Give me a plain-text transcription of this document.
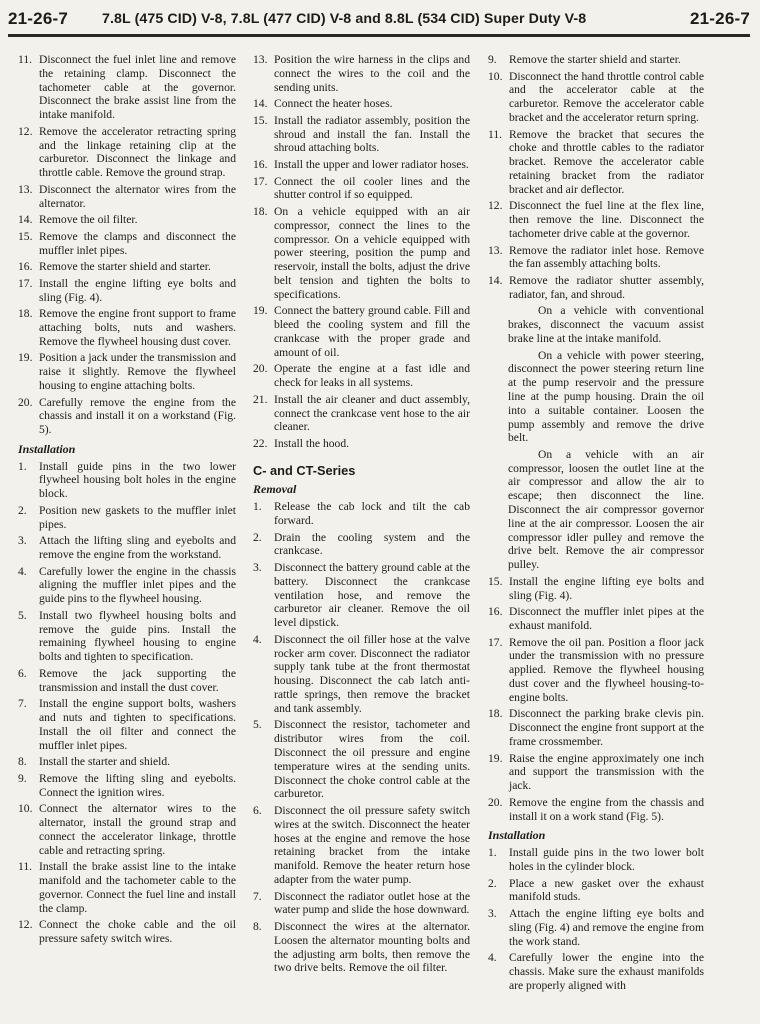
21-26-7 7.8L (475 CID) V-8, 7.8L (477 CID) V-8 and 8.8L (534 CID) Super Duty V-8	21-26-7
11. Disconnect the fuel inlet line and remove the retaining clamp. Disconnect the tachometer cable at the governor. Disconnect the brake assist line from the intake manifold.
12. Remove the accelerator retracting spring and the linkage retaining clip at the carburetor. Disconnect the linkage and throttle cable. Remove the ground strap.
13. Disconnect the alternator wires from the alternator.
14. Remove the oil filter.
15. Remove the clamps and disconnect the muffler inlet pipes.
16. Remove the starter shield and starter.
17. Install the engine lifting eye bolts and sling (Fig. 4).
18. Remove the engine front support to frame attaching bolts, nuts and washers. Remove the flywheel housing dust cover.
19. Position a jack under the transmission and raise it slightly. Remove the flywheel housing to engine attaching bolts.
20. Carefully remove the engine from the chassis and install it on a workstand (Fig. 5).
Installation
1.	Install guide pins in the two lower flywheel housing bolt holes in the engine block.
2.	Position new gaskets to the muffler inlet pipes.
3.	Attach the lifting sling and eyebolts and remove the engine from the workstand.
4.	Carefully lower the engine in the chassis aligning the muffler inlet pipes and the guide pins to the flywheel housing.
5.	Install two flywheel housing bolts and remove the guide pins. Install the remaining flywheel housing to engine bolts and tighten to specification.
6.	Remove the jack supporting the transmission and install the dust cover.
7.	Install the engine support bolts, washers and nuts and tighten to specifications. Install the oil filter and connect the muffler inlet pipes.
8.	Install the starter and shield.
9.	Remove the lifting sling and eyebolts. Connect the ignition wires.
10. Connect the alternator wires to the alternator, install the ground strap and connect the accelerator linkage, throttle cable and retracting spring.
11. Install the brake assist line to the intake manifold and the tachometer cable to the governor. Connect the fuel line and install the clamp.
12. Connect the choke cable and the oil pressure safety switch wires.
13. Position the wire harness in the clips and connect the wires to the coil and the sending units.
14. Connect the heater hoses.
15. Install the radiator assembly, position the shroud and install the fan. Install the shroud attaching bolts.
16. Install the upper and lower radiator hoses.
17. Connect the oil cooler lines and the shutter control if so equipped.
18. On a vehicle equipped with an air compressor, connect the lines to the compressor. On a vehicle equipped with power steering, position the pump and reservoir, install the bolts, adjust the drive belt tension and tighten the bolts to specifications.
19. Connect the battery ground cable. Fill and bleed the cooling system and fill the crankcase with the proper grade and amount of oil.
20. Operate the engine at a fast idle and check for leaks in all systems.
21. Install the air cleaner and duct assembly, connect the crankcase vent hose to the air cleaner.
22. Install the hood.
C- and CT-Series
Removal
1.	Release the cab lock and tilt the cab forward.
2.	Drain the cooling system and the crankcase.
3.	Disconnect the battery ground cable at the battery. Disconnect the crankcase ventilation hose, and remove the carburetor air cleaner. Remove the oil level dipstick.
4.	Disconnect the oil filler hose at the valve rocker arm cover. Disconnect the radiator supply tank tube at the front thermostat housing. Disconnect the cab latch anti-rattle springs, then remove the bracket and tank assembly.
5.	Disconnect the resistor, tachometer and distributor wires from the coil. Disconnect the oil pressure and engine temperature wires at the sending units. Disconnect the choke control cable at the carburetor.
6.	Disconnect the oil pressure safety switch wires at the switch. Disconnect the heater hoses at the engine and remove the hose retaining bracket from the intake manifold. Remove the heater return hose adapter from the water pump.
7.	Disconnect the radiator outlet hose at the water pump and slide the hose downward.
8.	Disconnect the wires at the alternator. Loosen the alternator mounting bolts and the adjusting arm bolts, then remove the two drive belts. Remove the oil filter.
9.	Remove the starter shield and starter.
10. Disconnect the hand throttle control cable and the accelerator cable at the carburetor. Remove the accelerator cable bracket and the accelerator return spring.
11. Remove the bracket that secures the choke and throttle cables to the radiator bracket. Remove the accelerator cable retaining bracket from the radiator bracket and air deflector.
12. Disconnect the fuel line at the flex line, then remove the line. Disconnect the tachometer drive cable at the governor.
13. Remove the radiator inlet hose. Remove the fan assembly attaching bolts.
14. Remove the radiator shutter assembly, radiator, fan, and shroud.
On a vehicle with conventional brakes, disconnect the vacuum assist brake line at the intake manifold.
On a vehicle with power steering, disconnect the power steering return line at the pump reservoir and the pressure line at the pump housing. Drain the oil into a suitable container. Loosen the pump assembly and remove the drive belt.
On a vehicle with an air compressor, loosen the outlet line at the air compressor and allow the air to escape; then disconnect the line. Disconnect the air compressor governor line at the air compressor. Loosen the air compressor idler pulley and remove the drive belt. Remove the air compressor pulley.
15. Install the engine lifting eye bolts and sling (Fig. 4).
16. Disconnect the muffler inlet pipes at the exhaust manifold.
17. Remove the oil pan. Position a floor jack under the transmission with no pressure applied. Remove the flywheel housing dust cover and the flywheel housing-to-engine bolts.
18. Disconnect the parking brake clevis pin. Disconnect the engine front support at the frame crossmember.
19. Raise the engine approximately one inch and support the transmission with the jack.
20. Remove the engine from the chassis and install it on a work stand (Fig. 5).
Installation
1.	Install guide pins in the two lower bolt holes in the cylinder block.
2.	Place a new gasket over the exhaust manifold studs.
3.	Attach the engine lifting eye bolts and sling (Fig. 4) and remove the engine from the work stand.
4.	Carefully lower the engine into the chassis. Make sure the exhaust manifolds are properly aligned with
